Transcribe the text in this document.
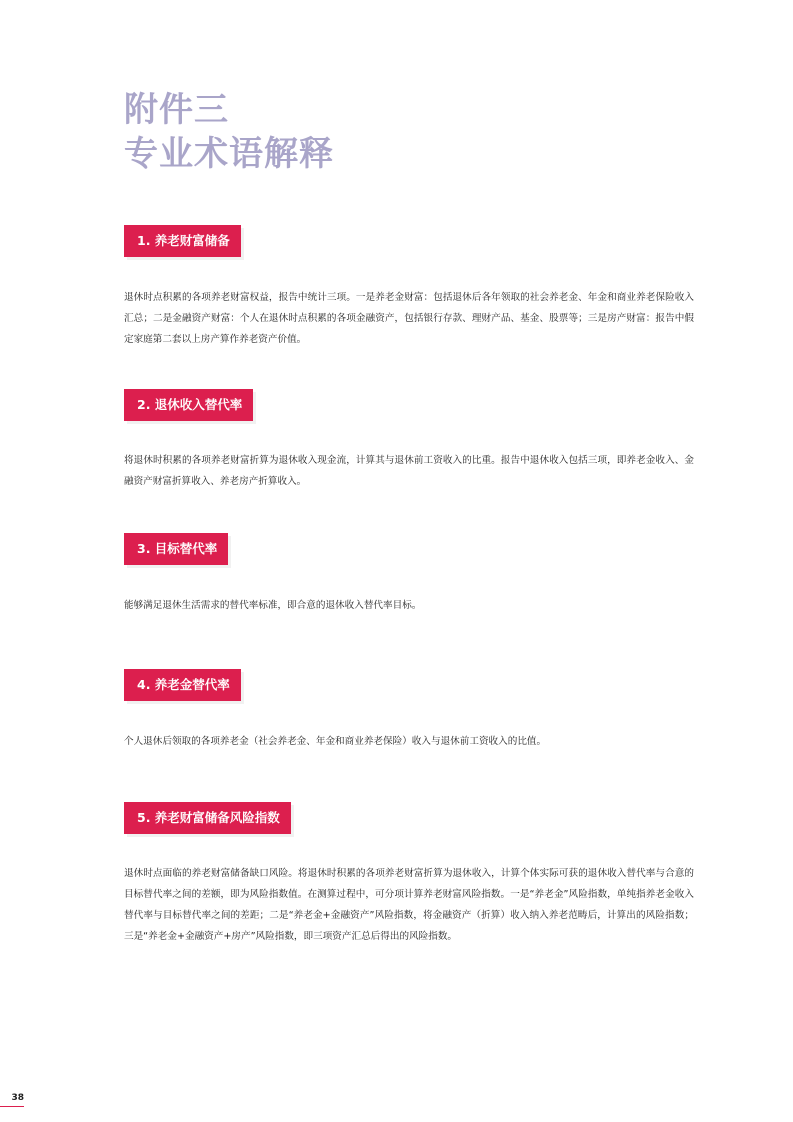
附件三
专业术语解释
1. 养老财富储备

退休时点积累的各项养老财富权益，报告中统计三项。一是养老金财富：包括退休后各年领取的社会养老金、年金和商业养老保险收入汇总；二是金融资产财富：个人在退休时点积累的各项金融资产，包括银行存款、理财产品、基金、股票等；三是房产财富：报告中假定家庭第二套以上房产算作养老资产价值。

2. 退休收入替代率

将退休时积累的各项养老财富折算为退休收入现金流，计算其与退休前工资收入的比重。报告中退休收入包括三项，即养老金收入、金融资产财富折算收入、养老房产折算收入。

3. 目标替代率

能够满足退休生活需求的替代率标准，即合意的退休收入替代率目标。

4. 养老金替代率

个人退休后领取的各项养老金（社会养老金、年金和商业养老保险）收入与退休前工资收入的比值。

5. 养老财富储备风险指数

退休时点面临的养老财富储备缺口风险。将退休时积累的各项养老财富折算为退休收入，计算个体实际可获的退休收入替代率与合意的目标替代率之间的差额，即为风险指数值。在测算过程中，可分项计算养老财富风险指数。一是“养老金”风险指数，单纯指养老金收入替代率与目标替代率之间的差距；二是“养老金+金融资产”风险指数，将金融资产（折算）收入纳入养老范畴后，计算出的风险指数；三是“养老金+金融资产+房产”风险指数，即三项资产汇总后得出的风险指数。

38
